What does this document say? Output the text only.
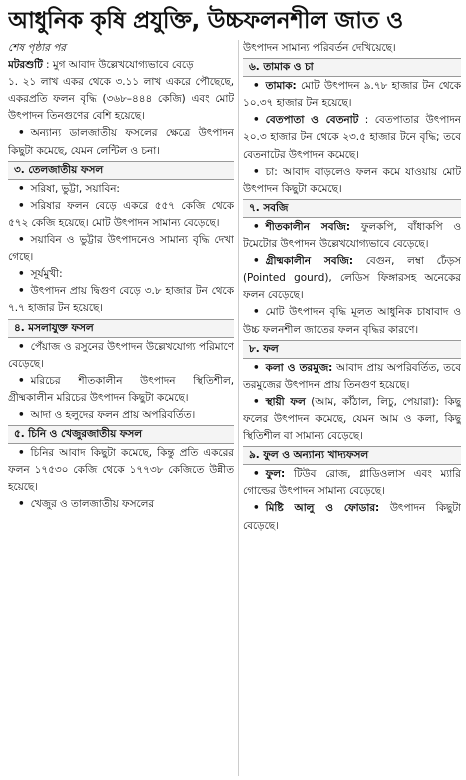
আধুনিক কৃষি প্রযুক্তি, উচ্চফলনশীল জাত ও

শেষ পৃষ্ঠার পর

মটরশুটি : মুগ আবাদ উল্লেখযোগ্যভাবে বেড়ে

১. ২১ লাখ একর থেকে ৩.১১ লাখ একরে পৌছেছে, একরপ্রতি ফলন বৃদ্ধি (৩৬৮–৪৪৪ কেজি) এবং মোট উৎপাদন তিনগুণের বেশি হয়েছে।

• অন্যান্য ডালজাতীয় ফসলের ক্ষেত্রে উৎপাদন কিছুটা কমেছে, যেমন লেন্টিল ও চনা।

৩. তেলজাতীয় ফসল

• সরিষা, ভুট্টা, সয়াবিন:

• সরিষার ফলন বেড়ে একরে ৫৫৭ কেজি থেকে ৫৭২ কেজি হয়েছে। মোট উৎপাদন সামান্য বেড়েছে।

• সয়াবিন ও ভুট্টার উৎপাদনেও সামান্য বৃদ্ধি দেখা গেছে।

• সূর্যমুখী:

• উৎপাদন প্রায় দ্বিগুণ বেড়ে ৩.৮ হাজার টন থেকে ৭.৭ হাজার টন হয়েছে।

৪. মসলাযুক্ত ফসল

• পেঁয়াজ ও রসুনের উৎপাদন উল্লেখযোগ্য পরিমাণে বেড়েছে।

• মরিচের শীতকালীন উৎপাদন স্থিতিশীল, গ্রীষ্মকালীন মরিচের উৎপাদন কিছুটা কমেছে।

• আদা ও হলুদের ফলন প্রায় অপরিবর্তিত।

৫. চিনি ও খেজুরজাতীয় ফসল

• চিনির আবাদ কিছুটা কমেছে, কিন্তু প্রতি একরের ফলন ১৭৫৩০ কেজি থেকে ১৭৭৩৮ কেজিতে উন্নীত হয়েছে।

• খেজুর ও তালজাতীয় ফসলের

উৎপাদন সামান্য পরিবর্তন দেখিয়েছে।

৬. তামাক ও চা

• তামাক: মোট উৎপাদন ৯.৭৮ হাজার টন থেকে ১০.৩৭ হাজার টন হয়েছে।

• বেতপাতা ও বেতনাট : বেতপাতার উৎপাদন ২০.৩ হাজার টন থেকে ২৩.৫ হাজার টনে বৃদ্ধি; তবে বেতনাটের উৎপাদন কমেছে।

• চা: আবাদ বাড়লেও ফলন কমে যাওয়ায় মোট উৎপাদন কিছুটা কমেছে।

৭. সবজি

• শীতকালীন সবজি: ফুলকপি, বাঁধাকপি ও টমেটোর উৎপাদন উল্লেখযোগ্যভাবে বেড়েছে।

• গ্রীষ্মকালীন সবজি: বেগুন, লম্বা ঢেঁড়স (Pointed gourd), লেডিস ফিঙ্গারসহ অনেকের ফলন বেড়েছে।

• মোট উৎপাদন বৃদ্ধি মূলত আধুনিক চাষাবাদ ও উচ্চ ফলনশীল জাতের ফলন বৃদ্ধির কারণে।

৮. ফল

• কলা ও তরমুজ: আবাদ প্রায় অপরিবর্তিত, তবে তরমুজের উৎপাদন প্রায় তিনগুণ হয়েছে।

• স্থায়ী ফল (আম, কাঁঠাল, লিচু, পেয়ারা): কিছু ফলের উৎপাদন কমেছে, যেমন আম ও কলা, কিছু স্থিতিশীল বা সামান্য বেড়েছে।

৯. ফুল ও অন্যান্য খাদ্যফসল

• ফুল: টিউব রোজ, গ্লাডিওলাস এবং ম্যারি গোল্ডের উৎপাদন সামান্য বেড়েছে।

• মিষ্টি আলু ও ফোডার: উৎপাদন কিছুটা বেড়েছে।
